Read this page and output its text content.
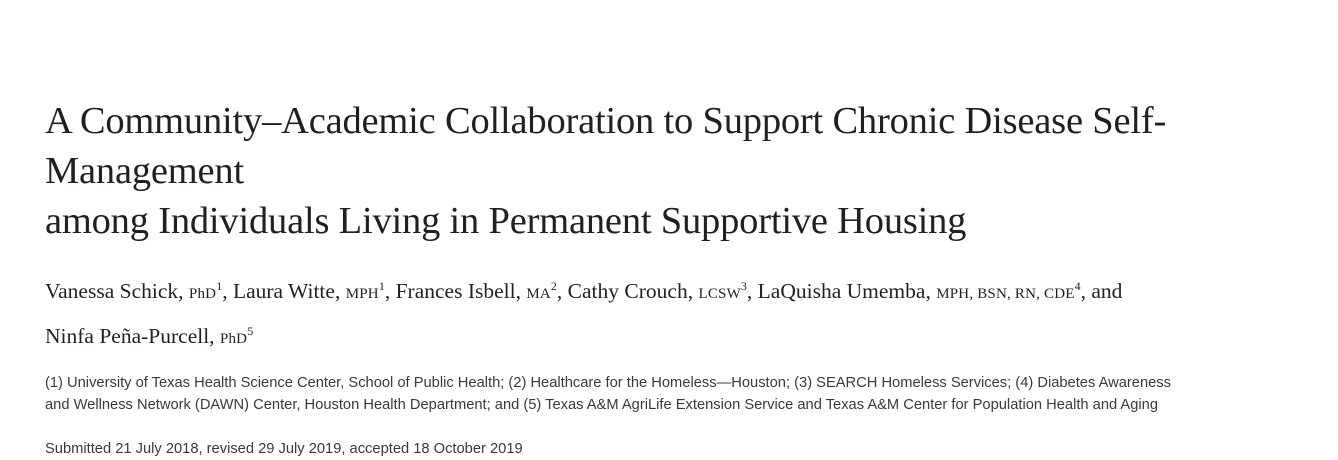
A Community–Academic Collaboration to Support Chronic Disease Self-Management
among Individuals Living in Permanent Supportive Housing

Vanessa Schick, PhD$^1$, Laura Witte, MPH$^1$, Frances Isbell, $MA^2$, Cathy Crouch, LCSW$^3$, LaQuisha Umemba, MPH, BSN, RN, CDE$^4$, and
Ninfa Peña-Purcell, PhD$^5$

(1) University of Texas Health Science Center, School of Public Health; (2) Healthcare for the Homeless—Houston; (3) SEARCH Homeless Services; (4) Diabetes Awareness
and Wellness Network (DAWN) Center, Houston Health Department; and (5) Texas A&M AgriLife Extension Service and Texas A&M Center for Population Health and Aging

Submitted 21 July 2018, revised 29 July 2019, accepted 18 October 2019
